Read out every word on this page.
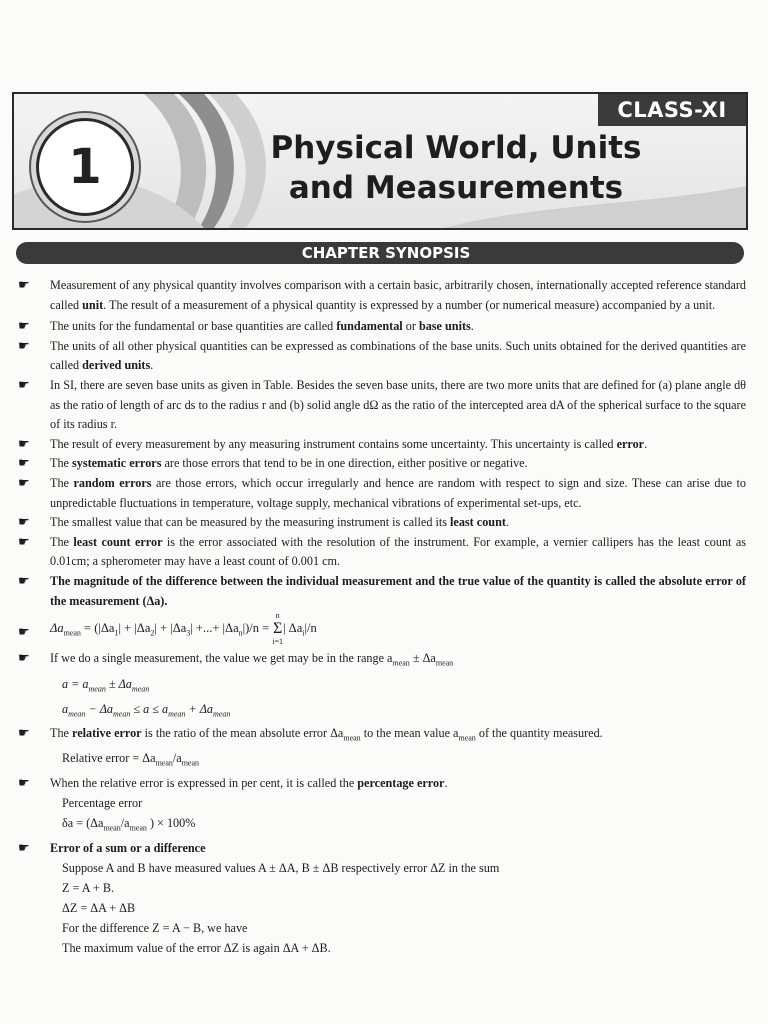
CLASS-XI
1	Physical World, Units
and Measurements
CHAPTER SYNOPSIS
☛ Measurement of any physical quantity involves comparison with a certain basic, arbitrarily chosen, internationally accepted reference standard called unit. The result of a measurement of a physical quantity is expressed by a number (or numerical measure) accompanied by a unit.
☛ The units for the fundamental or base quantities are called fundamental or base units.
☛ The units of all other physical quantities can be expressed as combinations of the base units. Such units obtained for the derived quantities are called derived units.
☛ In SI, there are seven base units as given in Table. Besides the seven base units, there are two more units that are defined for (a) plane angle dθ as the ratio of length of arc ds to the radius r and (b) solid angle dΩ as the ratio of the intercepted area dA of the spherical surface to the square of its radius r.
☛ The result of every measurement by any measuring instrument contains some uncertainty. This uncertainty is called error.
☛ The systematic errors are those errors that tend to be in one direction, either positive or negative.
☛ The random errors are those errors, which occur irregularly and hence are random with respect to sign and size. These can arise due to unpredictable fluctuations in temperature, voltage supply, mechanical vibrations of experimental set-ups, etc.
☛ The smallest value that can be measured by the measuring instrument is called its least count.
☛ The least count error is the error associated with the resolution of the instrument. For example, a vernier callipers has the least count as 0.01cm; a spherometer may have a least count of 0.001 cm.
☛ The magnitude of the difference between the individual measurement and the true value of the quantity is called the absolute error of the measurement (Δa).
☛ $\Delta a_{mean} = (|\Delta a_1| + |\Delta a_2| + |\Delta a_3|$ +...+ $|\Delta a_n|)/n = n$
Σ
i=1| $\Delta a_i|/n$
☛ If we do a single measurement, the value we get may be in the range $a_{mean} \pm \Delta a_{mean}$
$a = a_{mean} \pm \Delta a_{mean}$
$a_{mean} - \Delta a_{mean} \le a \le a_{mean} + \Delta a_{mean}$
☛ The relative error is the ratio of the mean absolute error $\Delta a_{mean}$ to the mean value $a_{mean}$ of the quantity measured.
Relative error = $\Delta a_{mean}/a_{mean}$
☛ When the relative error is expressed in per cent, it is called the percentage error.
Percentage error
$\delta a = (\Delta a_{mean}/a_{mean}$ ) × 100%
☛ Error of a sum or a difference
Suppose A and B have measured values A ± ΔA, B ± ΔB respectively error ΔZ in the sum
Z = A + B.
ΔZ = ΔA + ΔB
For the difference Z = A − B, we have
The maximum value of the error ΔZ is again ΔA + ΔB.
